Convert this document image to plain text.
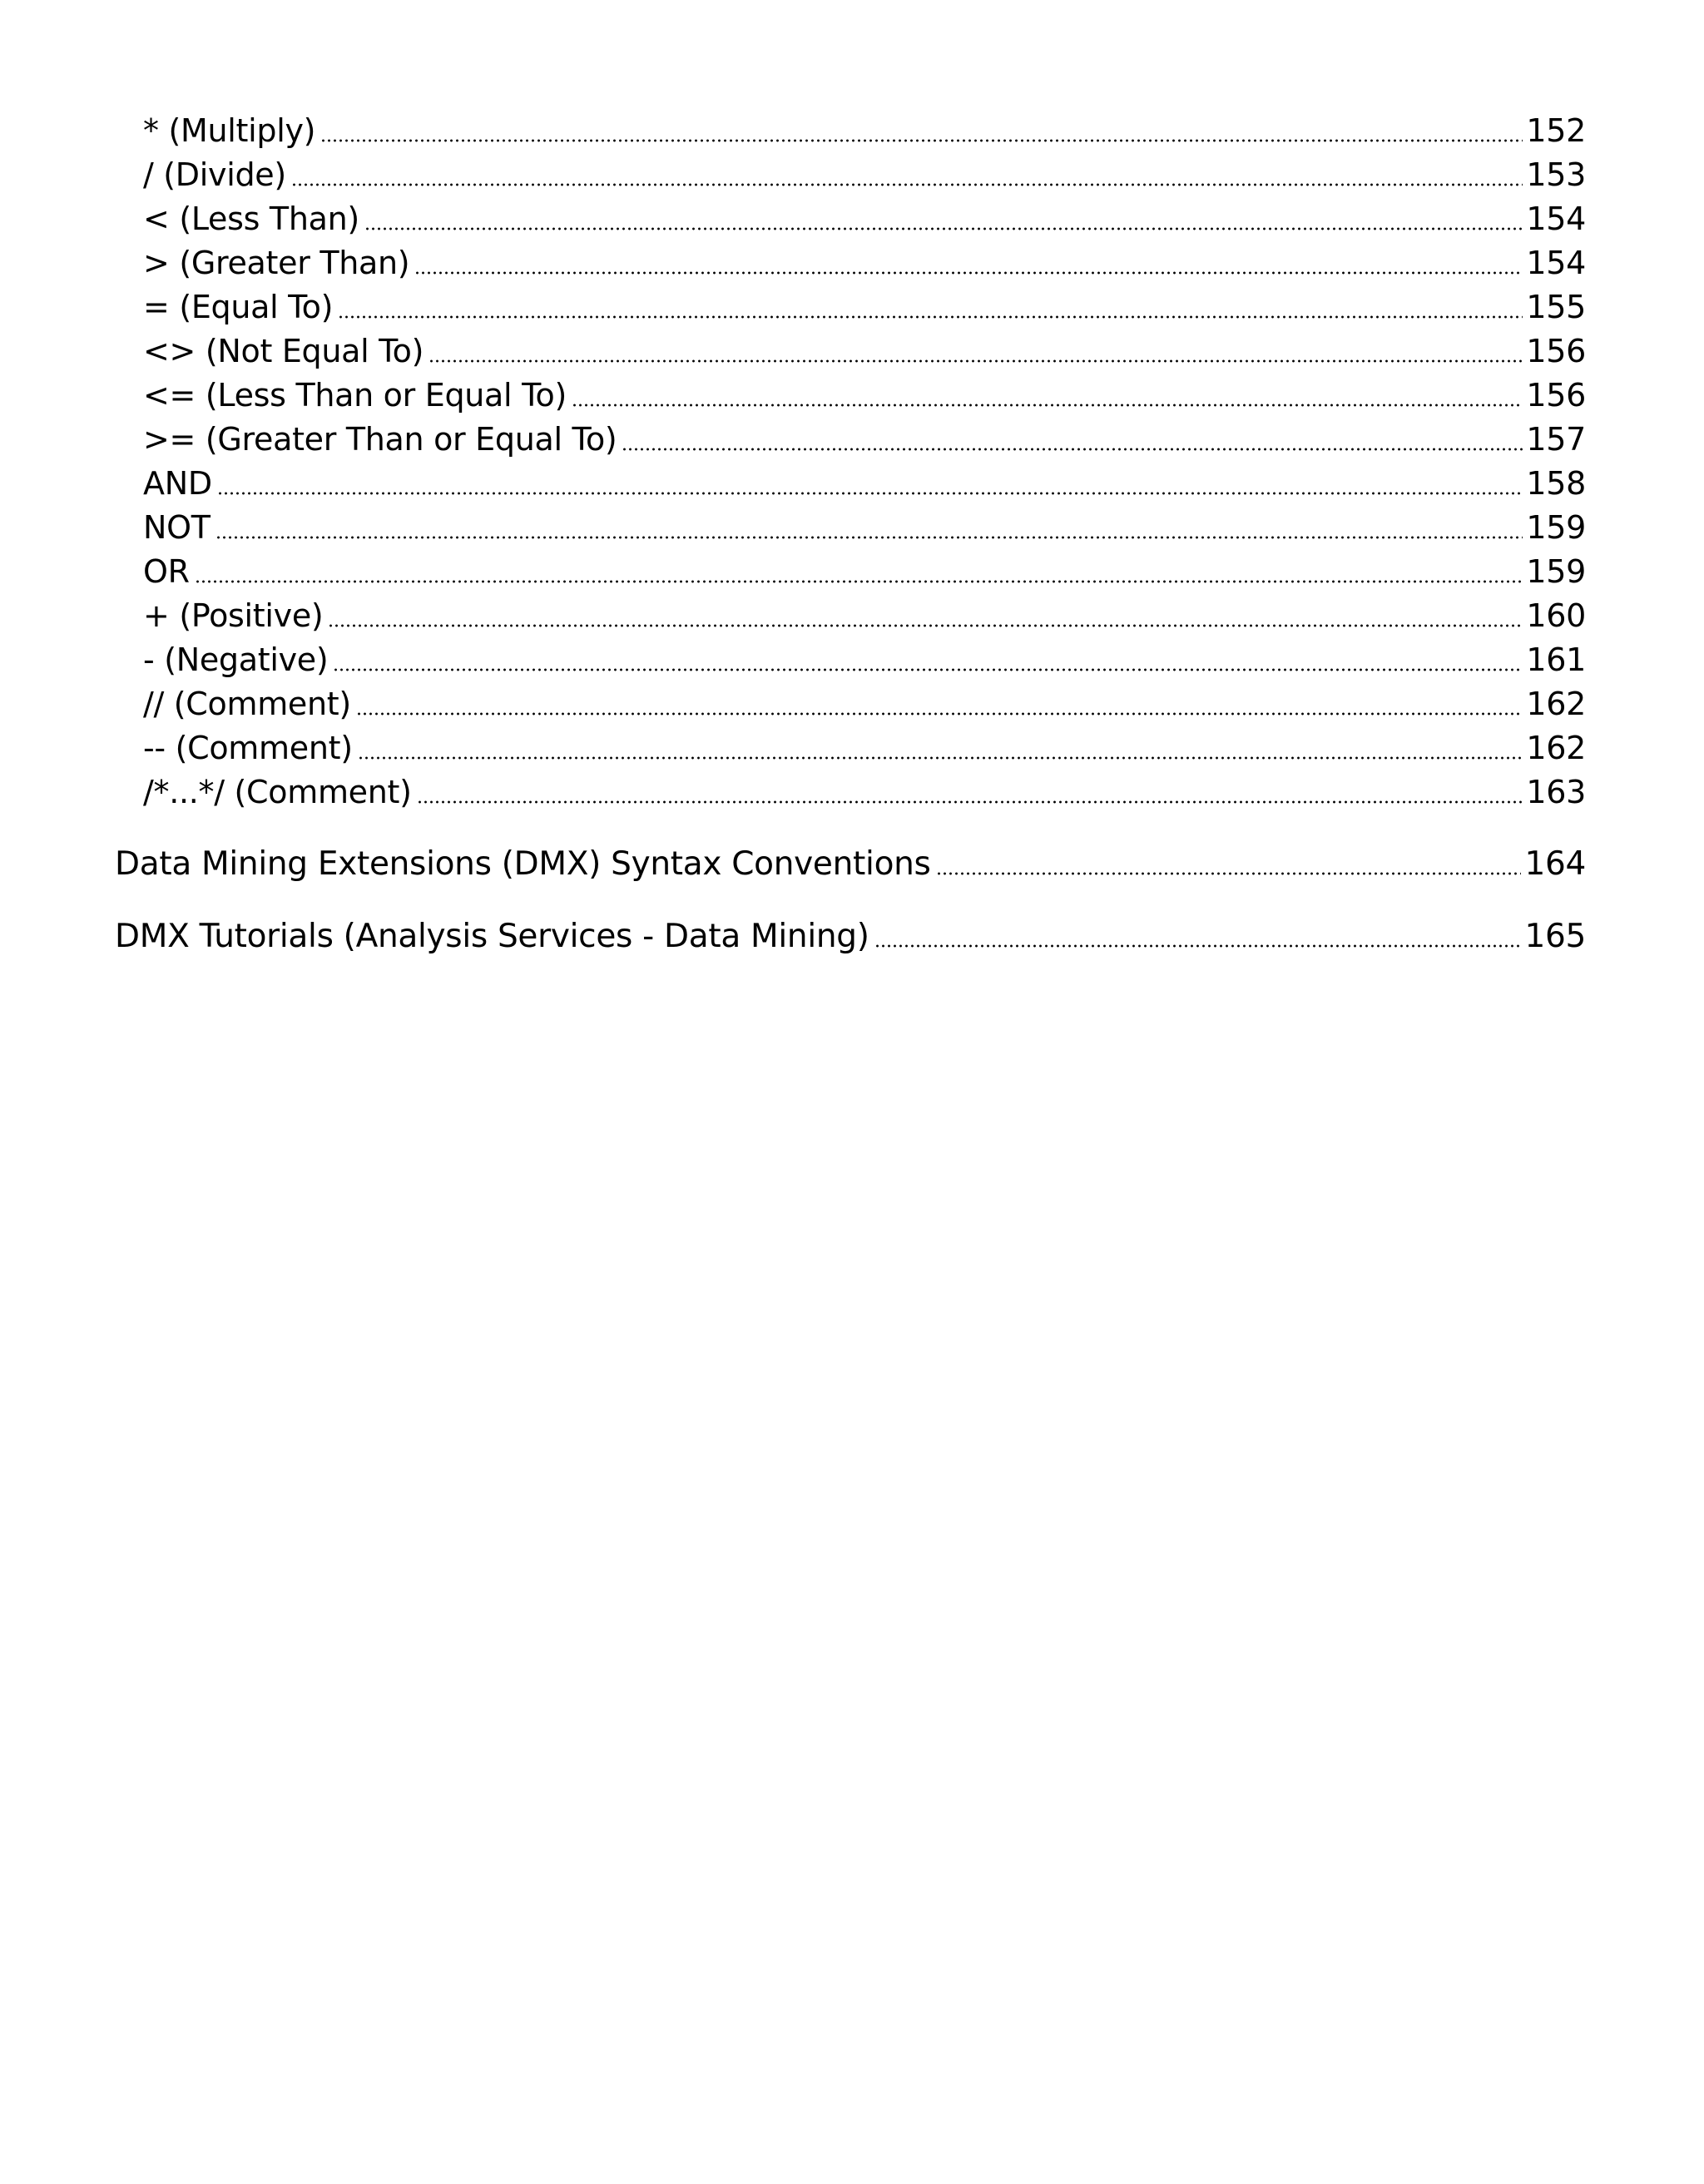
* (Multiply)	152
/ (Divide)	153
< (Less Than)	154
> (Greater Than)	154
= (Equal To)	155
<> (Not Equal To)	156
<= (Less Than or Equal To)	156
>= (Greater Than or Equal To)	157
AND	158
NOT	159
OR	159
+ (Positive)	160
- (Negative)	161
// (Comment)	162
-- (Comment)	162
/*...*/ (Comment)	163
Data Mining Extensions (DMX) Syntax Conventions	164
DMX Tutorials (Analysis Services - Data Mining)	165
